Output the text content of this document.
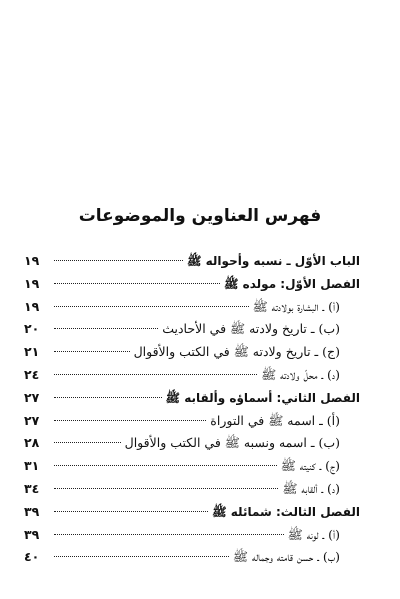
فهرس العناوين والموضوعات
الباب الأوّل ـ نسبه وأحواله ﷺ
١٩
الفصل الأوّل: مولده ﷺ
١٩
(أ) ـ البشارة بولادته ﷺ
١٩
(ب) ـ تاريخ ولادته ﷺ في الأحاديث
٢٠
(ج) ـ تاريخ ولادته ﷺ في الكتب والأقوال
٢١
(د) ـ محلّ ولادته ﷺ
٢٤
الفصل الثاني: أسماؤه وألقابه ﷺ
٢٧
(أ) ـ اسمه ﷺ في التوراة
٢٧
(ب) ـ اسمه ونسبه ﷺ في الكتب والأقوال
٢٨
(ج) ـ كنيته ﷺ
٣١
(د) ـ ألقابه ﷺ
٣٤
الفصل الثالث: شمائله ﷺ
٣٩
(أ) ـ لونه ﷺ
٣٩
(ب) ـ حسن قامته وجماله ﷺ
٤٠
